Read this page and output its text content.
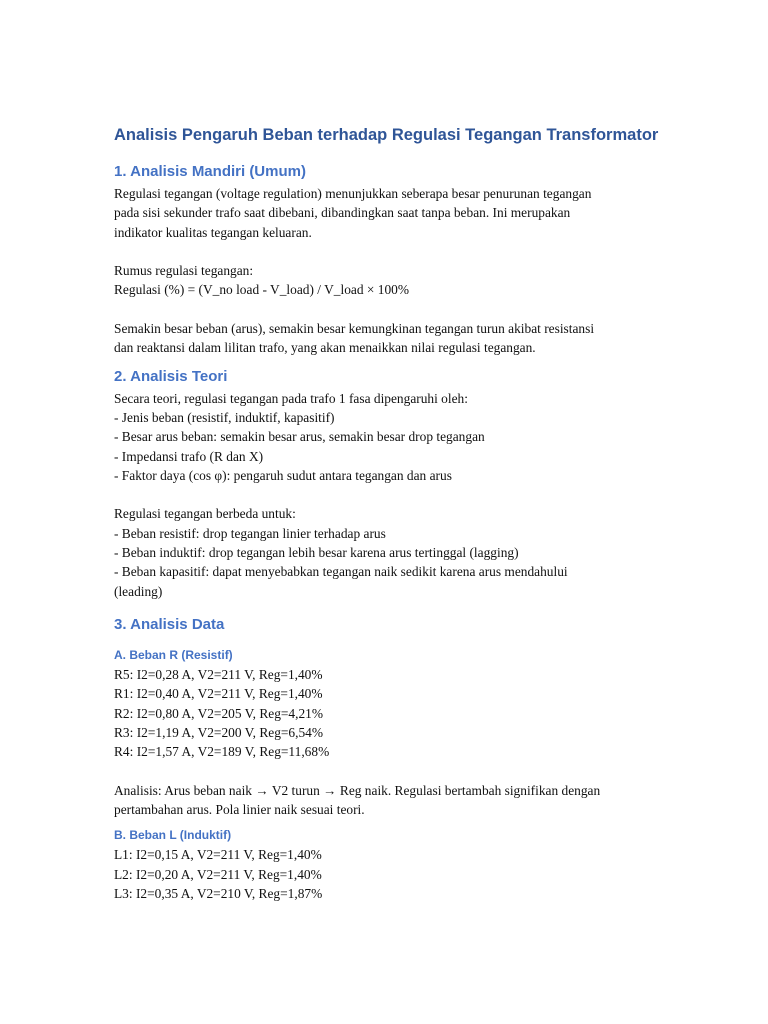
Analisis Pengaruh Beban terhadap Regulasi Tegangan Transformator
1. Analisis Mandiri (Umum)

Regulasi tegangan (voltage regulation) menunjukkan seberapa besar penurunan tegangan
pada sisi sekunder trafo saat dibebani, dibandingkan saat tanpa beban. Ini merupakan
indikator kualitas tegangan keluaran.

Rumus regulasi tegangan:

Regulasi (%) = (V_no load - V_load) / V_load × 100%

Semakin besar beban (arus), semakin besar kemungkinan tegangan turun akibat resistansi
dan reaktansi dalam lilitan trafo, yang akan menaikkan nilai regulasi tegangan.

2. Analisis Teori

Secara teori, regulasi tegangan pada trafo 1 fasa dipengaruhi oleh:

- Jenis beban (resistif, induktif, kapasitif)

- Besar arus beban: semakin besar arus, semakin besar drop tegangan

- Impedansi trafo (R dan X)

- Faktor daya (cos φ): pengaruh sudut antara tegangan dan arus

Regulasi tegangan berbeda untuk:

- Beban resistif: drop tegangan linier terhadap arus

- Beban induktif: drop tegangan lebih besar karena arus tertinggal (lagging)

- Beban kapasitif: dapat menyebabkan tegangan naik sedikit karena arus mendahului
(leading)

3. Analisis Data
A. Beban R (Resistif)

R5: I2=0,28 A, V2=211 V, Reg=1,40%

R1: I2=0,40 A, V2=211 V, Reg=1,40%

R2: I2=0,80 A, V2=205 V, Reg=4,21%

R3: I2=1,19 A, V2=200 V, Reg=6,54%

R4: I2=1,57 A, V2=189 V, Reg=11,68%

Analisis: Arus beban naik → V2 turun → Reg naik. Regulasi bertambah signifikan dengan
pertambahan arus. Pola linier naik sesuai teori.

B. Beban L (Induktif)

L1: I2=0,15 A, V2=211 V, Reg=1,40%

L2: I2=0,20 A, V2=211 V, Reg=1,40%

L3: I2=0,35 A, V2=210 V, Reg=1,87%
